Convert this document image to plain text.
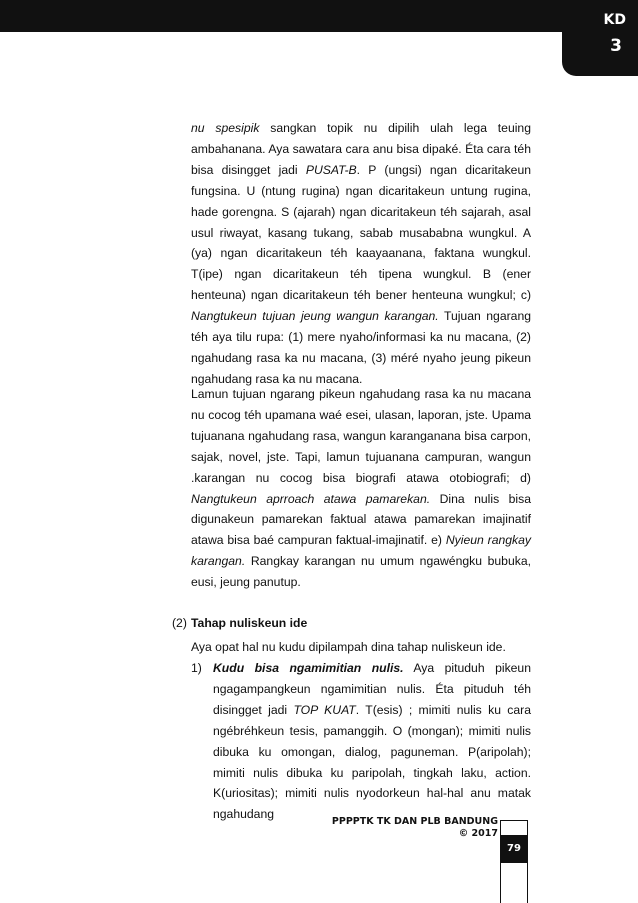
KD
3

nu spesipik sangkan topik nu dipilih ulah lega teuing ambahanana. Aya sawatara cara anu bisa dipaké. Éta cara téh bisa disingget jadi PUSAT-B. P (ungsi) ngan dicaritakeun fungsina. U (ntung rugina) ngan dicaritakeun untung rugina, hade gorengna. S (ajarah) ngan dicaritakeun téh sajarah, asal usul riwayat, kasang tukang, sabab musababna wungkul. A (ya) ngan dicaritakeun téh kaayaanana, faktana wungkul. T(ipe) ngan dicaritakeun téh tipena wungkul. B (ener henteuna) ngan dicaritakeun téh bener henteuna wungkul; c) Nangtukeun tujuan jeung wangun karangan. Tujuan ngarang téh aya tilu rupa: (1) mere nyaho/informasi ka nu macana, (2) ngahudang rasa ka nu macana, (3) méré nyaho jeung pikeun ngahudang rasa ka nu macana.

Lamun tujuan ngarang pikeun ngahudang rasa ka nu macana nu cocog téh upamana waé esei, ulasan, laporan, jste. Upama tujuanana ngahudang rasa, wangun karanganana bisa carpon, sajak, novel, jste. Tapi, lamun tujuanana campuran, wangun .karangan nu cocog bisa biografi atawa otobiografi; d) Nangtukeun aprroach atawa pamarekan. Dina nulis bisa digunakeun pamarekan faktual atawa pamarekan imajinatif atawa bisa baé campuran faktual-imajinatif. e) Nyieun rangkay karangan. Rangkay karangan nu umum ngawéngku bubuka, eusi, jeung panutup.

(2) Tahap nuliskeun ide

Aya opat hal nu kudu dipilampah dina tahap nuliskeun ide.

1) Kudu bisa ngamimitian nulis. Aya pituduh pikeun ngagampangkeun ngamimitian nulis. Éta pituduh téh disingget jadi TOP KUAT. T(esis) ; mimiti nulis ku cara ngébréhkeun tesis, pamanggih. O (mongan); mimiti nulis dibuka ku omongan, dialog, paguneman. P(aripolah); mimiti nulis dibuka ku paripolah, tingkah laku, action. K(uriositas); mimiti nulis nyodorkeun hal-hal anu matak ngahudang
PPPPTK TK DAN PLB BANDUNG
© 2017
79
